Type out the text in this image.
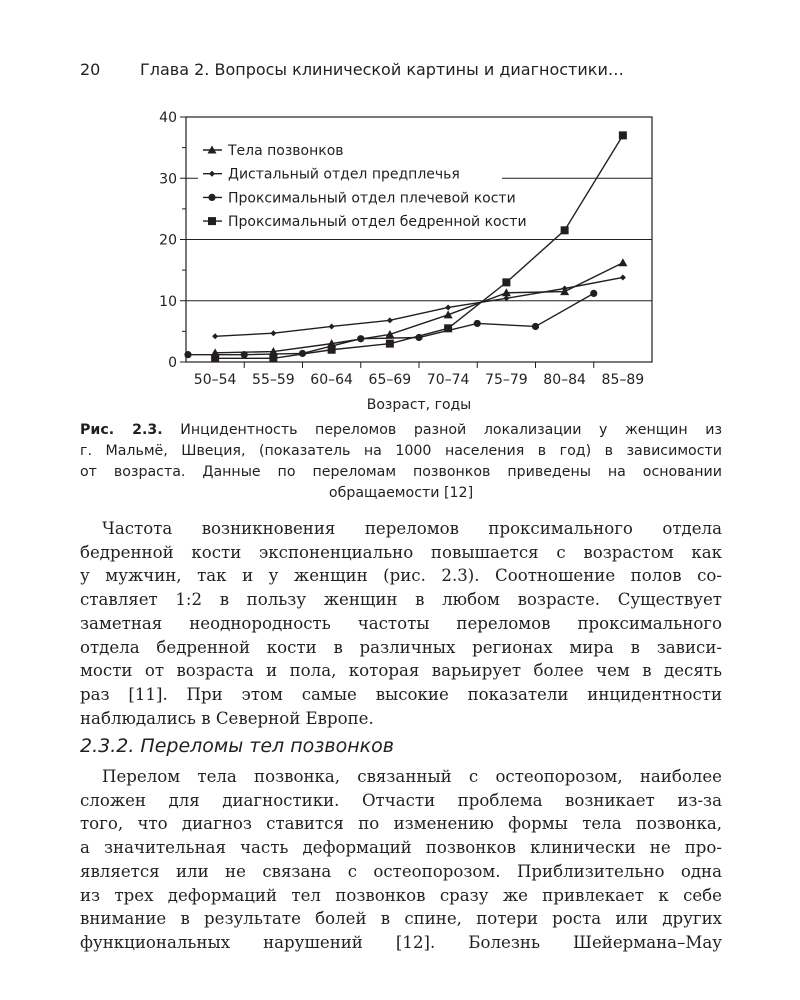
20 Глава 2. Вопросы клинической картины и диагностики…
Тела позвонков
Дистальный отдел предплечья
Проксимальный отдел плечевой кости
Проксимальный отдел бедренной кости
0
10
20
30
40
50–54 55–59 60–64 65–69 70–74 75–79 80–84 85–89
Возраст, годы
Рис. 2.3. Инцидентность переломов разной локализации у женщин из
г. Мальмё, Швеция, (показатель на 1000 населения в год) в зависимости
от возраста. Данные по переломам позвонков приведены на основании
обращаемости [12]
Частота возникновения переломов проксимального отдела
бедренной кости экспоненциально повышается с возрастом как
у мужчин, так и у женщин (рис. 2.3). Соотношение полов со-
ставляет 1:2 в пользу женщин в любом возрасте. Существует
заметная неоднородность частоты переломов проксимального
отдела бедренной кости в различных регионах мира в зависи-
мости от возраста и пола, которая варьирует более чем в десять
раз [11]. При этом самые высокие показатели инцидентности
наблюдались в Северной Европе.
2.3.2. Переломы тел позвонков
Перелом тела позвонка, связанный с остеопорозом, наиболее
сложен для диагностики. Отчасти проблема возникает из-за
того, что диагноз ставится по изменению формы тела позвонка,
а значительная часть деформаций позвонков клинически не про-
является или не связана с остеопорозом. Приблизительно одна
из трех деформаций тел позвонков сразу же привлекает к себе
внимание в результате болей в спине, потери роста или других
функциональных нарушений [12]. Болезнь Шейермана–Мау
